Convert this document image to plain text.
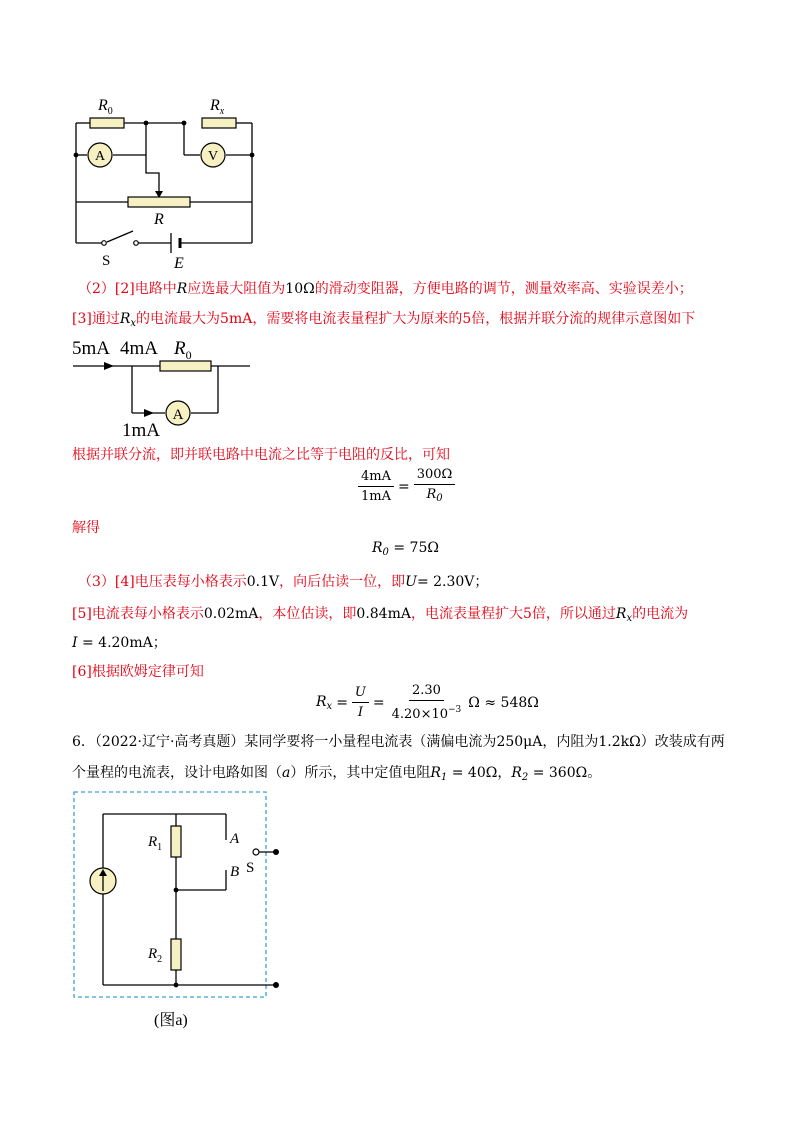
$R_0$	$R_x$
A	V
R
S	E
（2）[2]电路中R应选最大阻值为10Ω的滑动变阻器，方便电路的调节，测量效率高、实验误差小；
[3]通过$R_x$的电流最大为5mA，需要将电流表量程扩大为原来的5倍，根据并联分流的规律示意图如下
5mA 4mA $R_0$
1mA
A
根据并联分流，即并联电路中电流之比等于电阻的反比，可知
$\frac{4mA}{1mA} = \frac{300\Omega}{R_0}$
解得
$R_0 = 75\Omega$
（3）[4]电压表每小格表示0.1V，向后估读一位，即U= 2.30V；
[5]电流表每小格表示0.02mA，本位估读，即0.84mA，电流表量程扩大5倍，所以通过$R_x$的电流为
I = 4.20mA；
[6]根据欧姆定律可知
$R_x = \frac{U}{I} = \frac{2.30}{4.20\times 10^{-3}}$ Ω ≈ 548Ω
6．（2022·辽宁·高考真题）某同学要将一小量程电流表（满偏电流为250μA，内阻为1.2kΩ）改装成有两
个量程的电流表，设计电路如图（a）所示，其中定值电阻$R_1 = 40\Omega$，$R_2 = 360\Omega$。
$R_1$
$R_2$
A
B S
(图a)
